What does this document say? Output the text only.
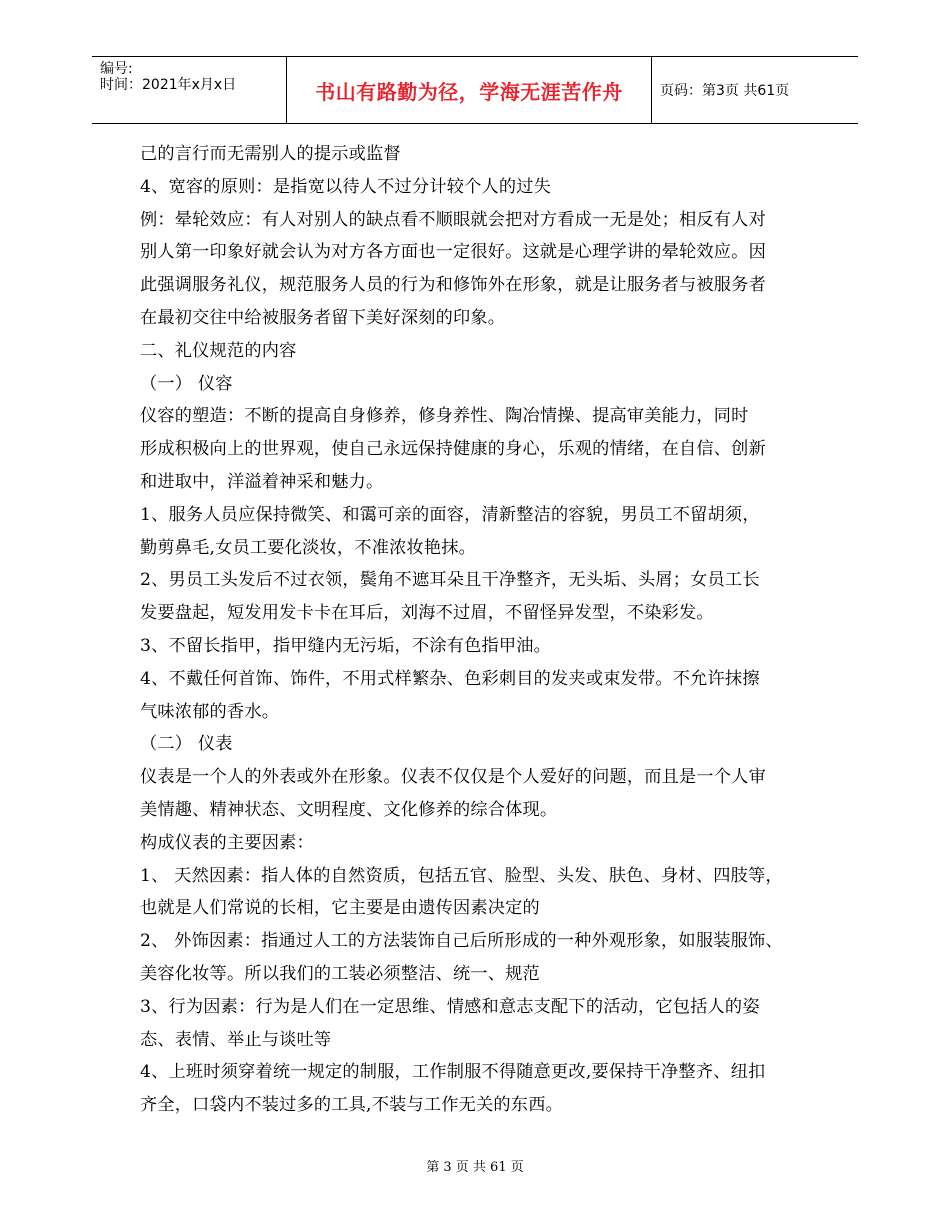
编号:
时间：2021年x月x日	书山有路勤为径，学海无涯苦作舟	页码：第3页 共61页

己的言行而无需别人的提示或监督

4、宽容的原则：是指宽以待人不过分计较个人的过失

例：晕轮效应：有人对别人的缺点看不顺眼就会把对方看成一无是处；相反有人对

别人第一印象好就会认为对方各方面也一定很好。这就是心理学讲的晕轮效应。因

此强调服务礼仪，规范服务人员的行为和修饰外在形象，就是让服务者与被服务者

在最初交往中给被服务者留下美好深刻的印象。

二、礼仪规范的内容

（一） 仪容

仪容的塑造：不断的提高自身修养，修身养性、陶冶情操、提高审美能力，同时

形成积极向上的世界观，使自己永远保持健康的身心，乐观的情绪，在自信、创新

和进取中，洋溢着神采和魅力。

1、服务人员应保持微笑、和霭可亲的面容，清新整洁的容貌，男员工不留胡须，

勤剪鼻毛,女员工要化淡妆，不准浓妆艳抹。

2、男员工头发后不过衣领，鬓角不遮耳朵且干净整齐，无头垢、头屑；女员工长

发要盘起，短发用发卡卡在耳后，刘海不过眉，不留怪异发型，不染彩发。

3、不留长指甲，指甲缝内无污垢，不涂有色指甲油。

4、不戴任何首饰、饰件，不用式样繁杂、色彩刺目的发夹或束发带。不允许抹擦

气味浓郁的香水。

（二） 仪表

仪表是一个人的外表或外在形象。仪表不仅仅是个人爱好的问题，而且是一个人审

美情趣、精神状态、文明程度、文化修养的综合体现。

构成仪表的主要因素：

1、 天然因素：指人体的自然资质，包括五官、脸型、头发、肤色、身材、四肢等，

也就是人们常说的长相，它主要是由遗传因素决定的

2、 外饰因素：指通过人工的方法装饰自己后所形成的一种外观形象，如服装服饰、

美容化妆等。所以我们的工装必须整洁、统一、规范

3、行为因素：行为是人们在一定思维、情感和意志支配下的活动，它包括人的姿

态、表情、举止与谈吐等

4、上班时须穿着统一规定的制服，工作制服不得随意更改,要保持干净整齐、纽扣

齐全，口袋内不装过多的工具,不装与工作无关的东西。

第 3 页 共 61 页
